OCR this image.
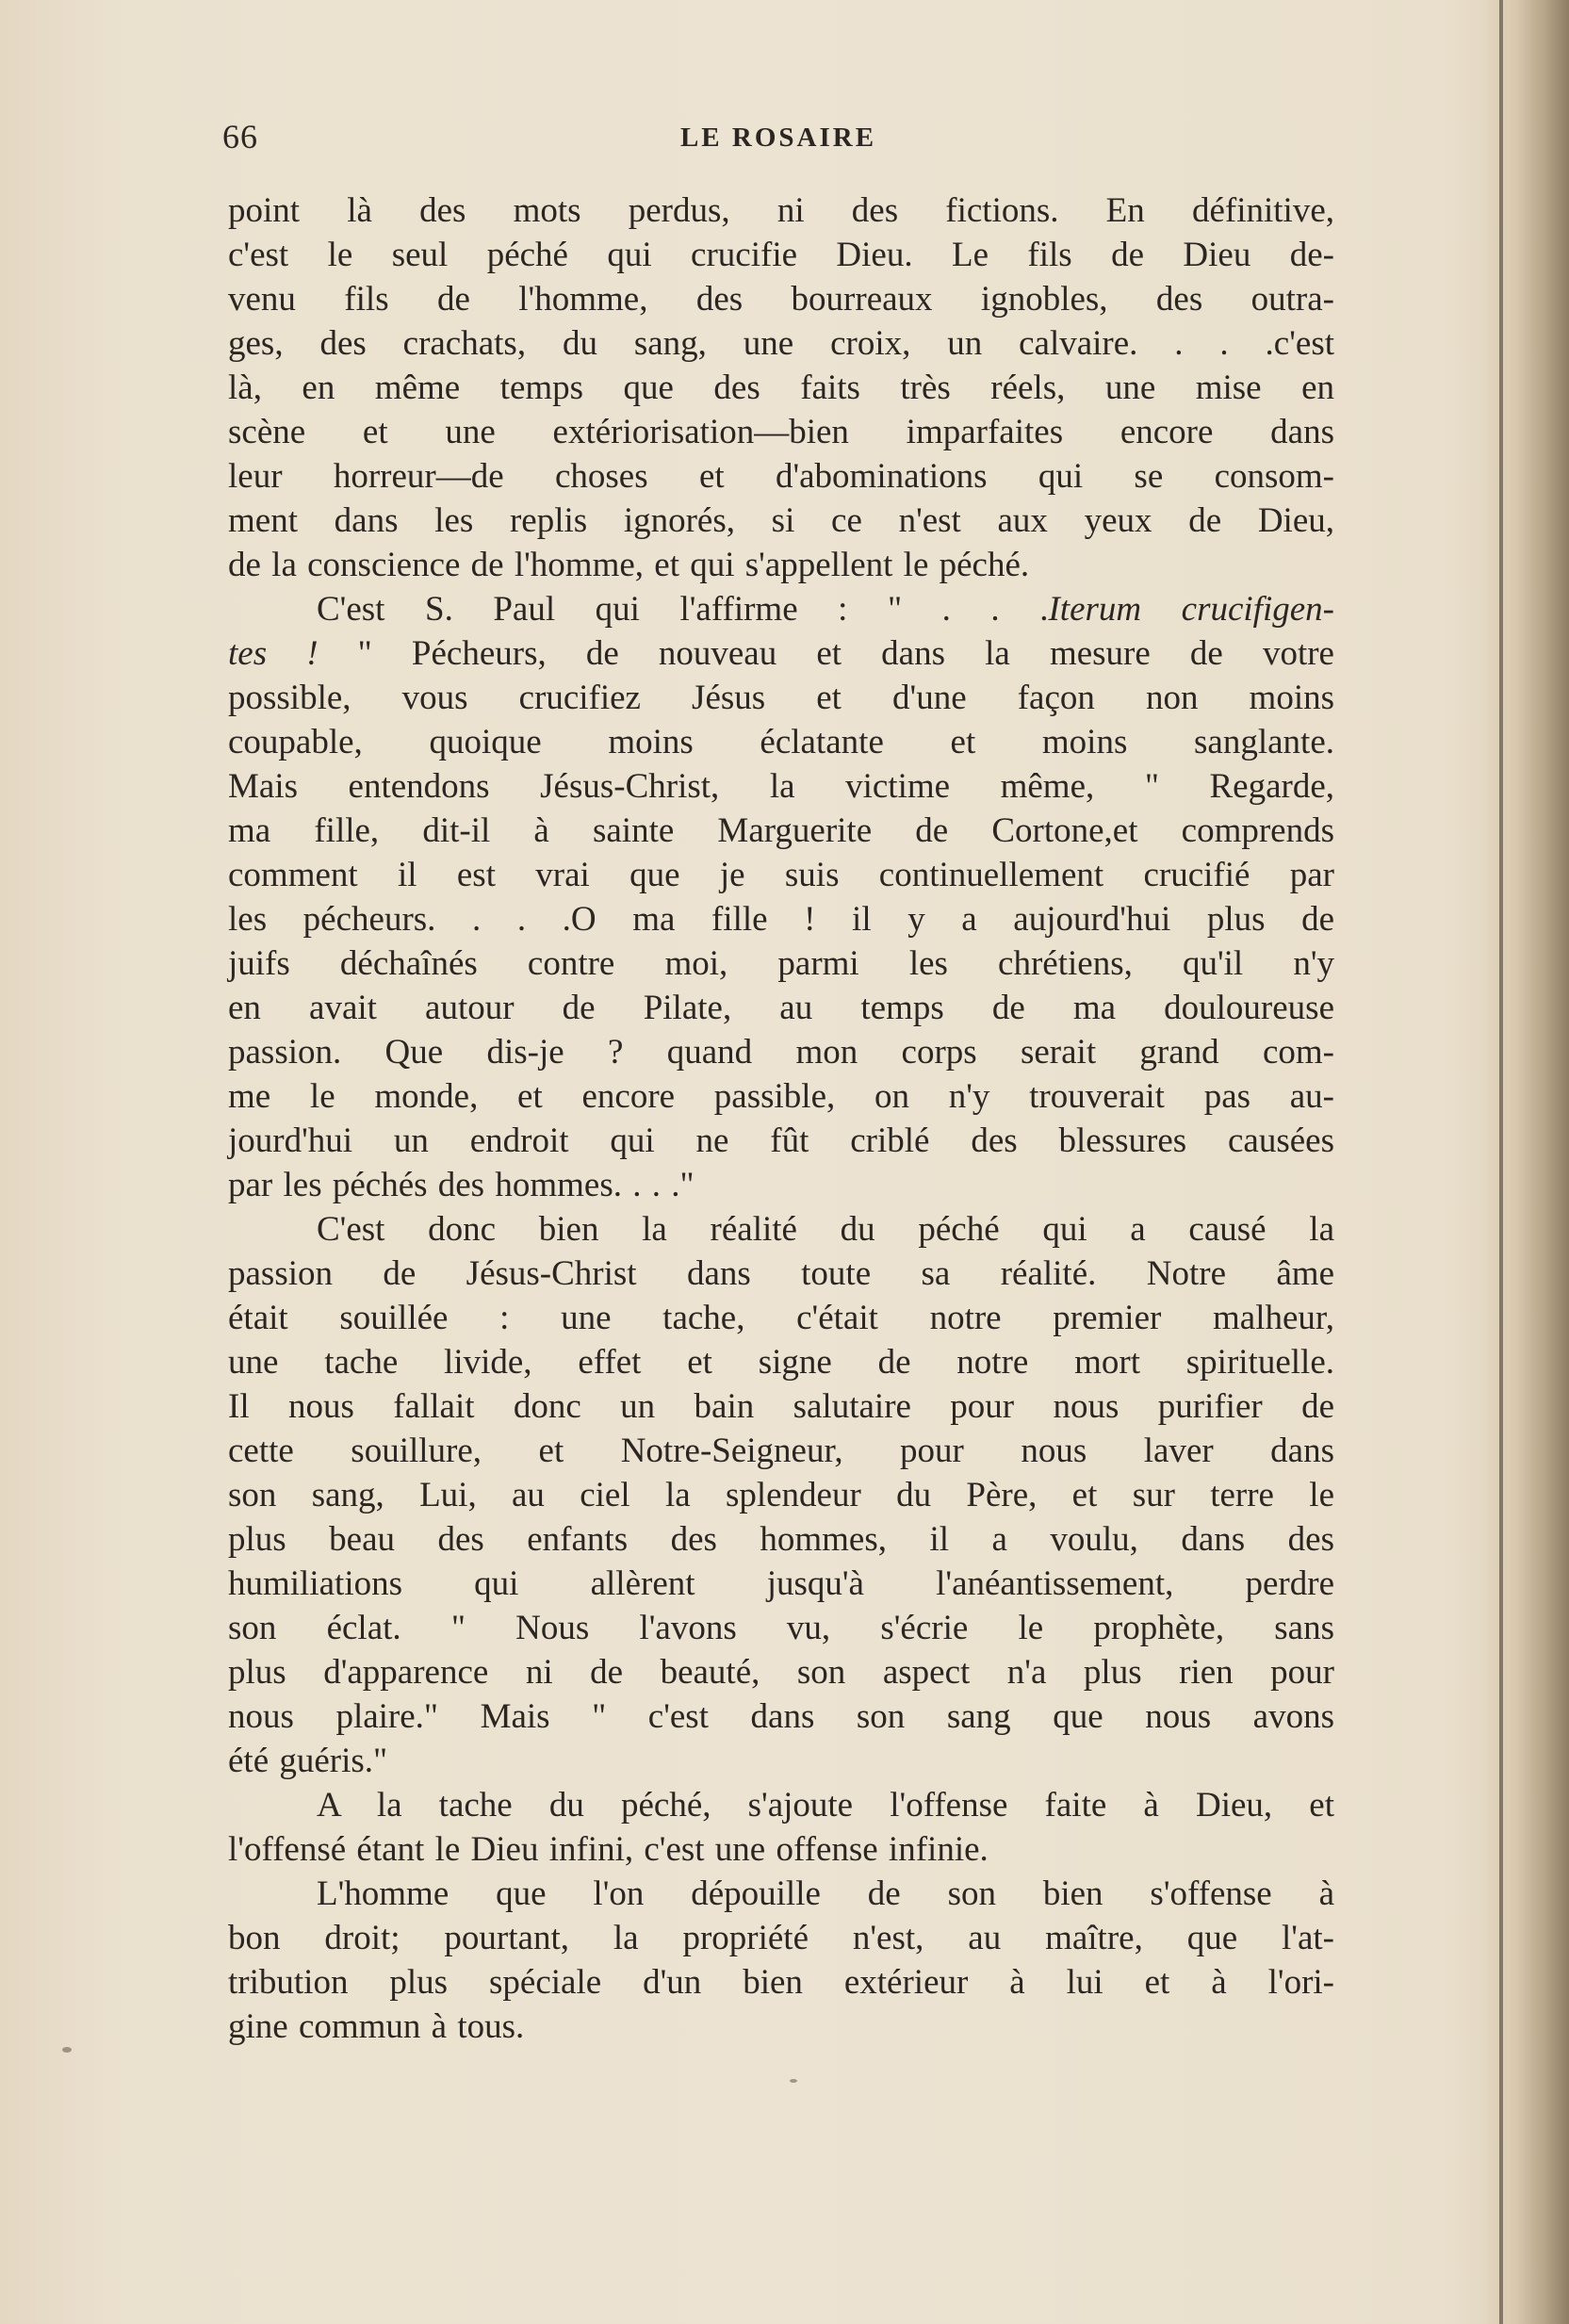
66	LE ROSAIRE
point là des mots perdus, ni des fictions. En définitive,
c'est le seul péché qui crucifie Dieu. Le fils de Dieu de-
venu fils de l'homme, des bourreaux ignobles, des outra-
ges, des crachats, du sang, une croix, un calvaire. . . .c'est
là, en même temps que des faits très réels, une mise en
scène et une extériorisation—bien imparfaites encore dans
leur horreur—de choses et d'abominations qui se consom-
ment dans les replis ignorés, si ce n'est aux yeux de Dieu,
de la conscience de l'homme, et qui s'appellent le péché.
C'est S. Paul qui l'affirme : " . . .Iterum crucifigen-
tes ! " Pécheurs, de nouveau et dans la mesure de votre
possible, vous crucifiez Jésus et d'une façon non moins
coupable, quoique moins éclatante et moins sanglante.
Mais entendons Jésus-Christ, la victime même, " Regarde,
ma fille, dit-il à sainte Marguerite de Cortone,et comprends
comment il est vrai que je suis continuellement crucifié par
les pécheurs. . . .O ma fille ! il y a aujourd'hui plus de
juifs déchaînés contre moi, parmi les chrétiens, qu'il n'y
en avait autour de Pilate, au temps de ma douloureuse
passion. Que dis-je ? quand mon corps serait grand com-
me le monde, et encore passible, on n'y trouverait pas au-
jourd'hui un endroit qui ne fût criblé des blessures causées
par les péchés des hommes. . . ."
C'est donc bien la réalité du péché qui a causé la
passion de Jésus-Christ dans toute sa réalité. Notre âme
était souillée : une tache, c'était notre premier malheur,
une tache livide, effet et signe de notre mort spirituelle.
Il nous fallait donc un bain salutaire pour nous purifier de
cette souillure, et Notre-Seigneur, pour nous laver dans
son sang, Lui, au ciel la splendeur du Père, et sur terre le
plus beau des enfants des hommes, il a voulu, dans des
humiliations qui allèrent jusqu'à l'anéantissement, perdre
son éclat. " Nous l'avons vu, s'écrie le prophète, sans
plus d'apparence ni de beauté, son aspect n'a plus rien pour
nous plaire." Mais " c'est dans son sang que nous avons
été guéris."
A la tache du péché, s'ajoute l'offense faite à Dieu, et
l'offensé étant le Dieu infini, c'est une offense infinie.
L'homme que l'on dépouille de son bien s'offense à
bon droit; pourtant, la propriété n'est, au maître, que l'at-
tribution plus spéciale d'un bien extérieur à lui et à l'ori-
gine commun à tous.
